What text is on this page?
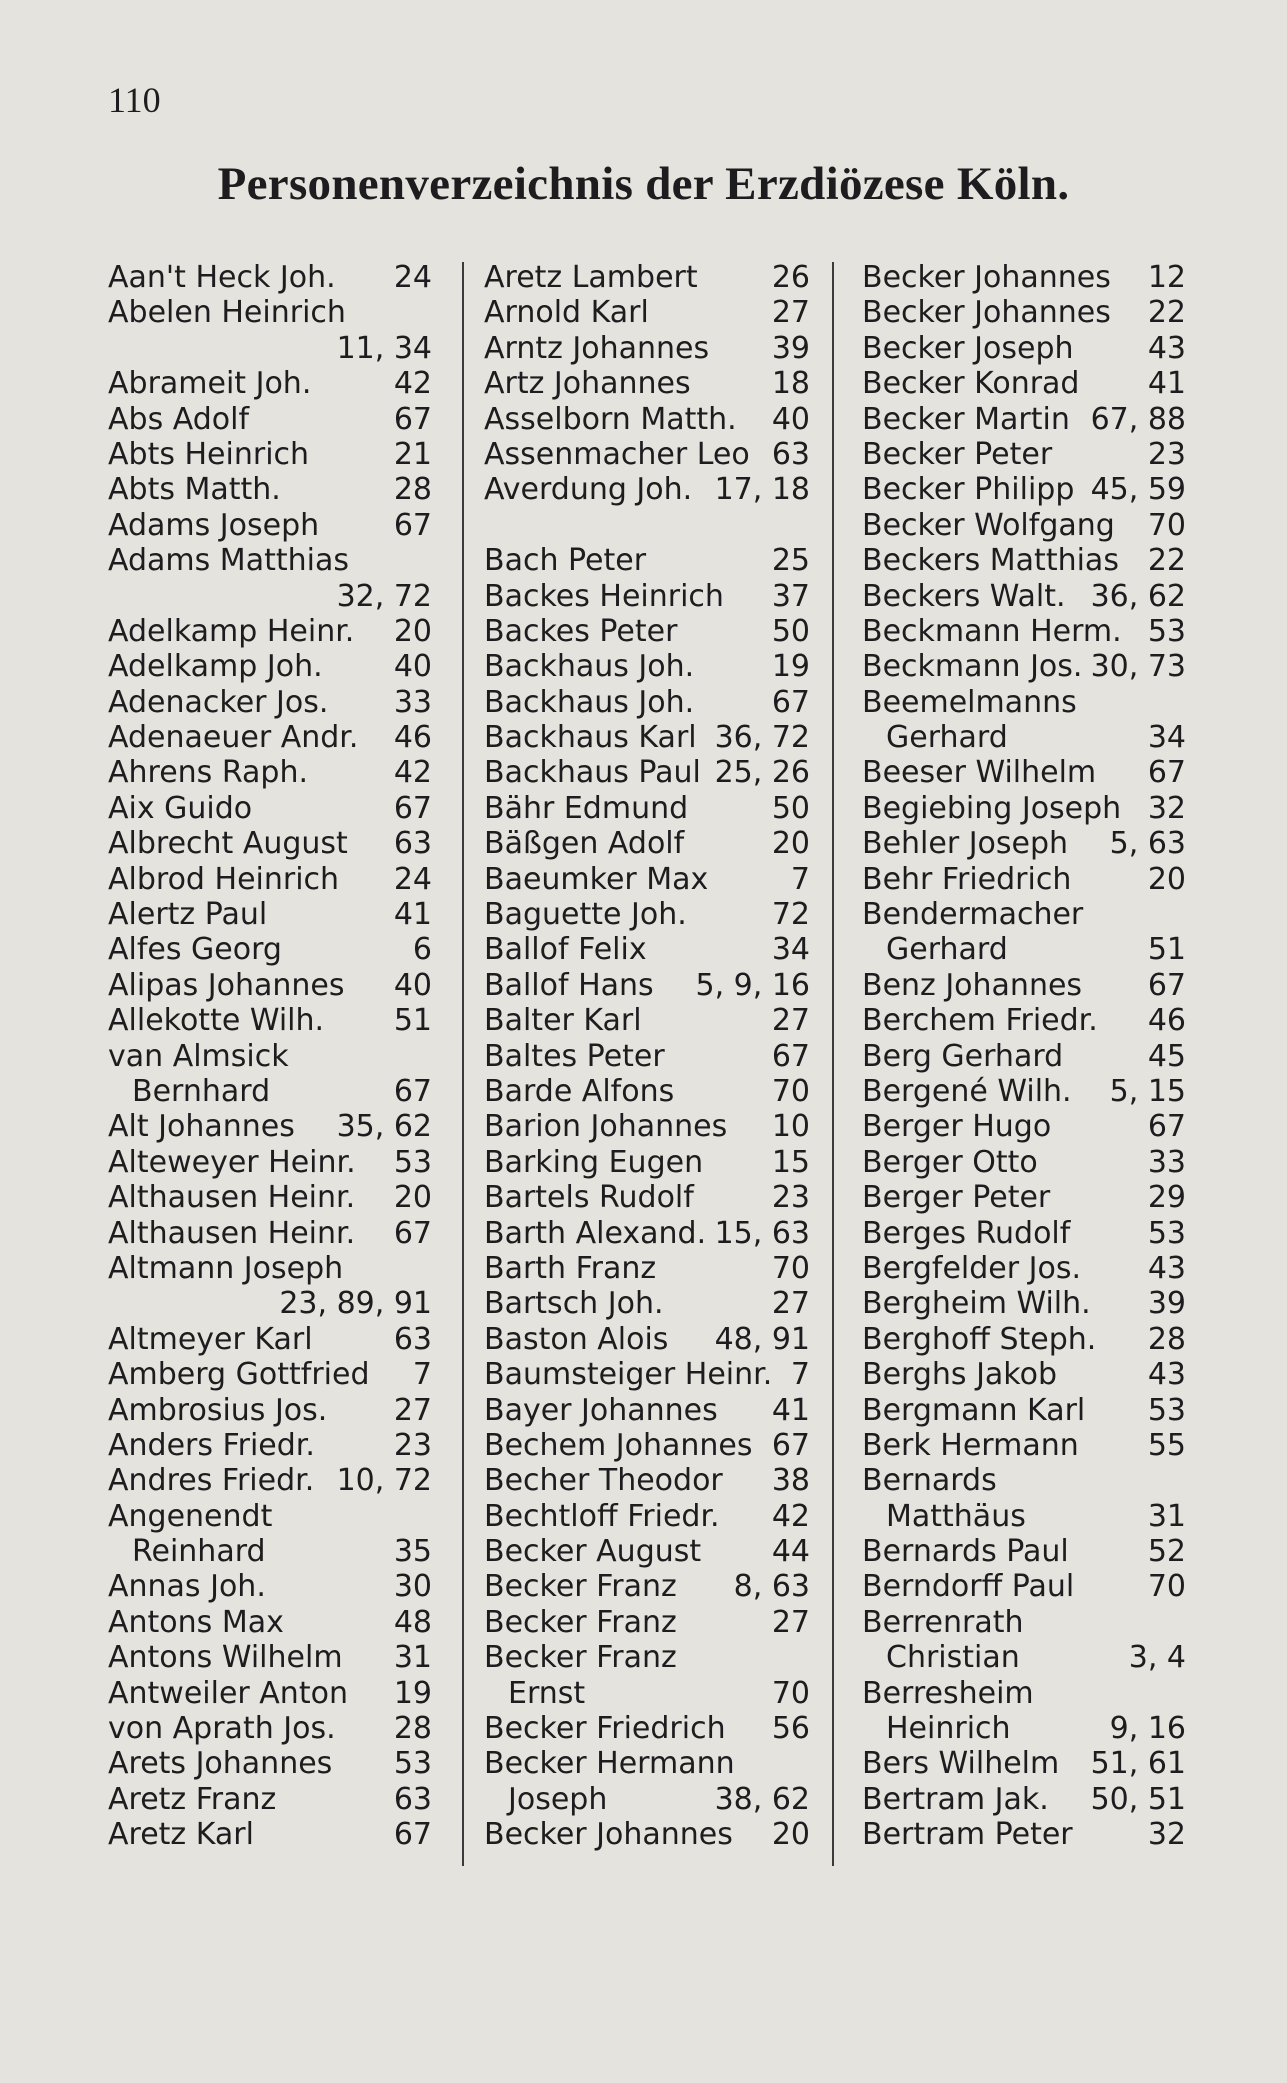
110
Personenverzeichnis der Erzdiözese Köln.
Aan't Heck Joh. 24
Abelen Heinrich
11, 34
Abrameit Joh.	42
Abs Adolf	67
Abts Heinrich	21
Abts Matth.	28
Adams Joseph 67
Adams Matthias
32, 72
Adelkamp Heinr. 20
Adelkamp Joh. 40
Adenacker Jos. 33
Adenaeuer Andr. 46
Ahrens Raph.	42
Aix Guido	67
Albrecht August 63
Albrod Heinrich 24
Alertz Paul	41
Alfes Georg	6
Alipas Johannes 40
Allekotte Wilh. 51
van Almsick
Bernhard	67
Alt Johannes 35, 62
Alteweyer Heinr. 53
Althausen Heinr. 20
Althausen Heinr. 67
Altmann Joseph
23, 89, 91
Altmeyer Karl	63
Amberg Gottfried 7
Ambrosius Jos. 27
Anders Friedr.	23
Andres Friedr. 10, 72
Angenendt
Reinhard	35
Annas Joh.	30
Antons Max	48
Antons Wilhelm 31
Antweiler Anton 19
von Aprath Jos. 28
Arets Johannes 53
Aretz Franz	63
Aretz Karl	67
Aretz Lambert 26
Arnold Karl	27
Arntz Johannes 39
Artz Johannes	18
Asselborn Matth. 40
Assenmacher Leo 63
Averdung Joh. 17, 18
Bach Peter	25
Backes Heinrich 37
Backes Peter	50
Backhaus Joh.	19
Backhaus Joh.	67
Backhaus Karl 36, 72
Backhaus Paul 25, 26
Bähr Edmund	50
Bäßgen Adolf	20
Baeumker Max	7
Baguette Joh.	72
Ballof Felix	34
Ballof Hans 5, 9, 16
Balter Karl	27
Baltes Peter	67
Barde Alfons	70
Barion Johannes 10
Barking Eugen 15
Bartels Rudolf	23
Barth Alexand. 15, 63
Barth Franz	70
Bartsch Joh.	27
Baston Alois 48, 91
Baumsteiger Heinr. 7
Bayer Johannes 41
Bechem Johannes 67
Becher Theodor 38
Bechtloff Friedr. 42
Becker August 44
Becker Franz 8, 63
Becker Franz	27
Becker Franz
Ernst	70
Becker Friedrich 56
Becker Hermann
Joseph	38, 62
Becker Johannes 20
Becker Johannes 12
Becker Johannes 22
Becker Joseph 43
Becker Konrad 41
Becker Martin 67, 88
Becker Peter	23
Becker Philipp 45, 59
Becker Wolfgang 70
Beckers Matthias 22
Beckers Walt. 36, 62
Beckmann Herm. 53
Beckmann Jos. 30, 73
Beemelmanns
Gerhard	34
Beeser Wilhelm 67
Begiebing Joseph 32
Behler Joseph 5, 63
Behr Friedrich	20
Bendermacher
Gerhard	51
Benz Johannes 67
Berchem Friedr. 46
Berg Gerhard	45
Bergené Wilh. 5, 15
Berger Hugo	67
Berger Otto	33
Berger Peter	29
Berges Rudolf	53
Bergfelder Jos. 43
Bergheim Wilh. 39
Berghoff Steph. 28
Berghs Jakob	43
Bergmann Karl 53
Berk Hermann 55
Bernards
Matthäus	31
Bernards Paul	52
Berndorff Paul 70
Berrenrath
Christian	3, 4
Berresheim
Heinrich	9, 16
Bers Wilhelm 51, 61
Bertram Jak. 50, 51
Bertram Peter	32
